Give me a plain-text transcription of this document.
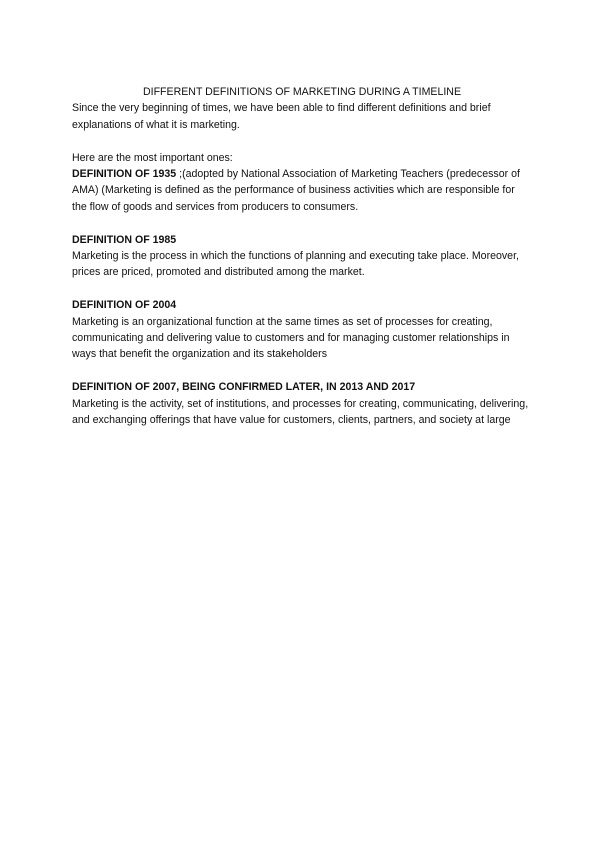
DIFFERENT DEFINITIONS OF MARKETING DURING A TIMELINE

Since the very beginning of times, we have been able to find different definitions and brief explanations of what it is marketing.

Here are the most important ones:

DEFINITION OF 1935 ;(adopted by National Association of Marketing Teachers (predecessor of AMA) (Marketing is defined as the performance of business activities which are responsible for the flow of goods and services from producers to consumers.

DEFINITION OF 1985

Marketing is the process in which the functions of planning and executing take place. Moreover, prices are priced, promoted and distributed among the market.

DEFINITION OF 2004

Marketing is an organizational function at the same times as set of processes for creating, communicating and delivering value to customers and for managing customer relationships in ways that benefit the organization and its stakeholders

DEFINITION OF 2007, BEING CONFIRMED LATER, IN 2013 AND 2017

Marketing is the activity, set of institutions, and processes for creating, communicating, delivering, and exchanging offerings that have value for customers, clients, partners, and society at large
